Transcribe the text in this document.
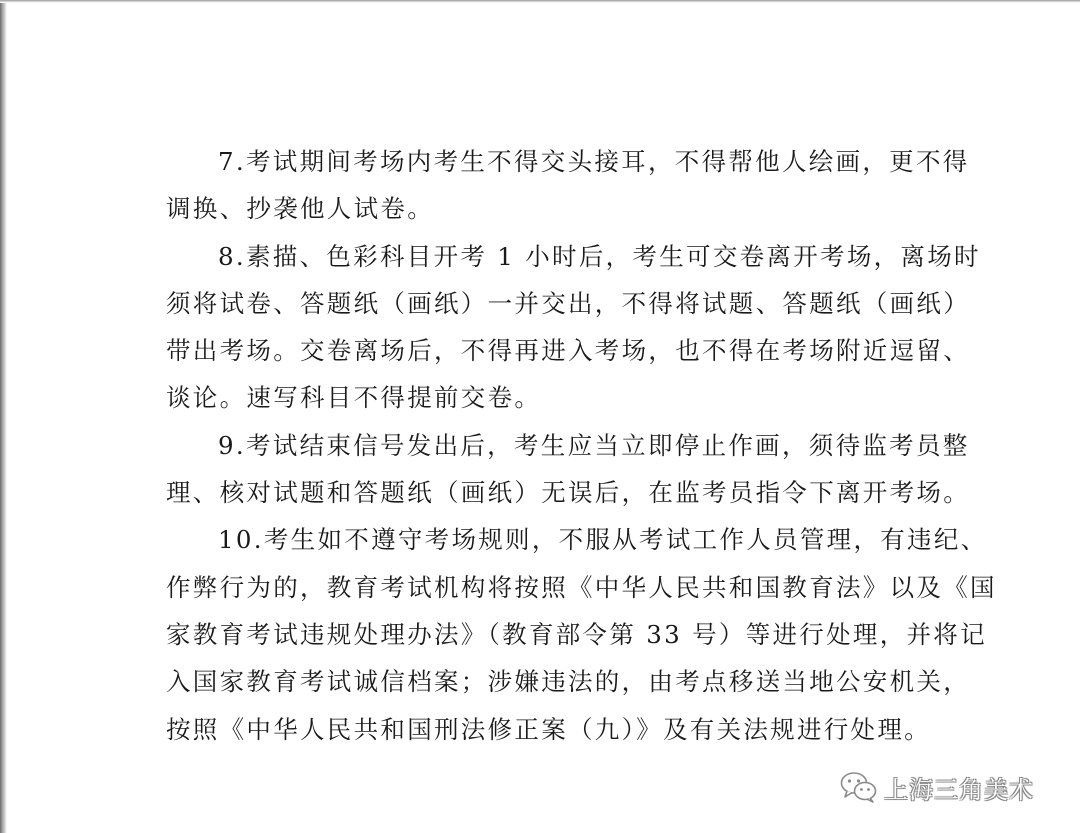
7.考试期间考场内考生不得交头接耳，不得帮他人绘画，更不得
调换、抄袭他人试卷。

8.素描、色彩科目开考 1 小时后，考生可交卷离开考场，离场时
须将试卷、答题纸（画纸）一并交出，不得将试题、答题纸（画纸）
带出考场。交卷离场后，不得再进入考场，也不得在考场附近逗留、
谈论。速写科目不得提前交卷。

9.考试结束信号发出后，考生应当立即停止作画，须待监考员整
理、核对试题和答题纸（画纸）无误后，在监考员指令下离开考场。

10.考生如不遵守考场规则，不服从考试工作人员管理，有违纪、
作弊行为的，教育考试机构将按照《中华人民共和国教育法》以及《国
家教育考试违规处理办法》（教育部令第 33 号）等进行处理，并将记
入国家教育考试诚信档案；涉嫌违法的，由考点移送当地公安机关，
按照《中华人民共和国刑法修正案（九）》及有关法规进行处理。

上海三角美术
